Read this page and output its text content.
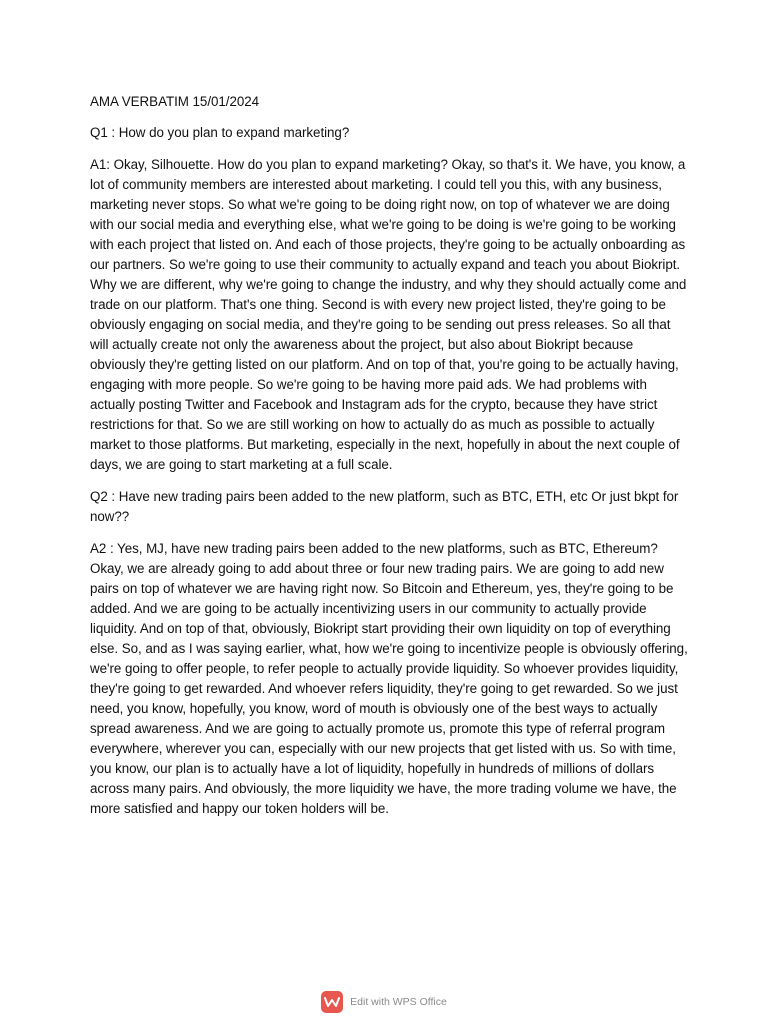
AMA VERBATIM 15/01/2024

Q1 : How do you plan to expand marketing?

A1: Okay, Silhouette. How do you plan to expand marketing? Okay, so that's it. We have, you know, a lot of community members are interested about marketing. I could tell you this, with any business, marketing never stops. So what we're going to be doing right now, on top of whatever we are doing with our social media and everything else, what we're going to be doing is we're going to be working with each project that listed on. And each of those projects, they're going to be actually onboarding as our partners. So we're going to use their community to actually expand and teach you about Biokript. Why we are different, why we're going to change the industry, and why they should actually come and trade on our platform. That's one thing. Second is with every new project listed, they're going to be obviously engaging on social media, and they're going to be sending out press releases. So all that will actually create not only the awareness about the project, but also about Biokript because obviously they're getting listed on our platform. And on top of that, you're going to be actually having, engaging with more people. So we're going to be having more paid ads. We had problems with actually posting Twitter and Facebook and Instagram ads for the crypto, because they have strict restrictions for that. So we are still working on how to actually do as much as possible to actually market to those platforms. But marketing, especially in the next, hopefully in about the next couple of days, we are going to start marketing at a full scale.

Q2 : Have new trading pairs been added to the new platform, such as BTC, ETH, etc Or just bkpt for now??

A2 : Yes, MJ, have new trading pairs been added to the new platforms, such as BTC, Ethereum? Okay, we are already going to add about three or four new trading pairs. We are going to add new pairs on top of whatever we are having right now. So Bitcoin and Ethereum, yes, they're going to be added. And we are going to be actually incentivizing users in our community to actually provide liquidity. And on top of that, obviously, Biokript start providing their own liquidity on top of everything else. So, and as I was saying earlier, what, how we're going to incentivize people is obviously offering, we're going to offer people, to refer people to actually provide liquidity. So whoever provides liquidity, they're going to get rewarded. And whoever refers liquidity, they're going to get rewarded. So we just need, you know, hopefully, you know, word of mouth is obviously one of the best ways to actually spread awareness. And we are going to actually promote us, promote this type of referral program everywhere, wherever you can, especially with our new projects that get listed with us. So with time, you know, our plan is to actually have a lot of liquidity, hopefully in hundreds of millions of dollars across many pairs. And obviously, the more liquidity we have, the more trading volume we have, the more satisfied and happy our token holders will be.

Edit with WPS Office
